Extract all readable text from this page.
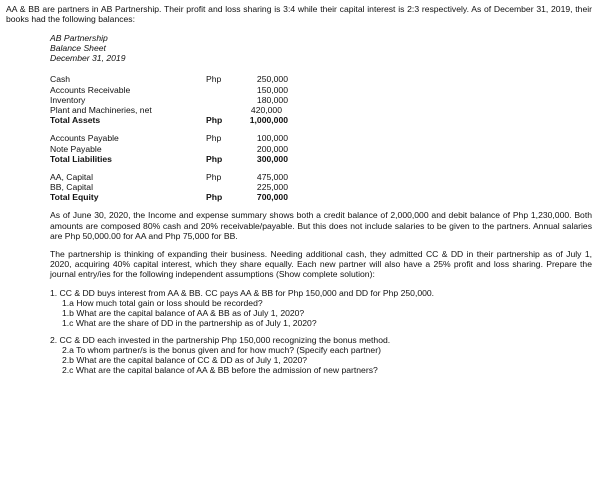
AA & BB are partners in AB Partnership. Their profit and loss sharing is 3:4 while their capital interest is 2:3 respectively. As of December 31, 2019, their books had the following balances:
AB Partnership
Balance Sheet
December 31, 2019
Cash	Php	250,000
Accounts Receivable	150,000
Inventory	180,000
Plant and Machineries, net	420,000
Total Assets	Php	1,000,000
Accounts Payable	Php	100,000
Note Payable	200,000
Total Liabilities	Php	300,000
AA, Capital	Php	475,000
BB, Capital	225,000
Total Equity	Php	700,000
As of June 30, 2020, the Income and expense summary shows both a credit balance of 2,000,000 and debit balance of Php 1,230,000. Both amounts are composed 80% cash and 20% receivable/payable. But this does not include salaries to be given to the partners. Annual salaries are Php 50,000.00 for AA and Php 75,000 for BB.
The partnership is thinking of expanding their business. Needing additional cash, they admitted CC & DD in their partnership as of July 1, 2020, acquiring 40% capital interest, which they share equally. Each new partner will also have a 25% profit and loss sharing. Prepare the journal entry/ies for the following independent assumptions (Show complete solution):
1. CC & DD buys interest from AA & BB. CC pays AA & BB for Php 150,000 and DD for Php 250,000.
1.a How much total gain or loss should be recorded?
1.b What are the capital balance of AA & BB as of July 1, 2020?
1.c What are the share of DD in the partnership as of July 1, 2020?
2. CC & DD each invested in the partnership Php 150,000 recognizing the bonus method.
2.a To whom partner/s is the bonus given and for how much? (Specify each partner)
2.b What are the capital balance of CC & DD as of July 1, 2020?
2.c What are the capital balance of AA & BB before the admission of new partners?
